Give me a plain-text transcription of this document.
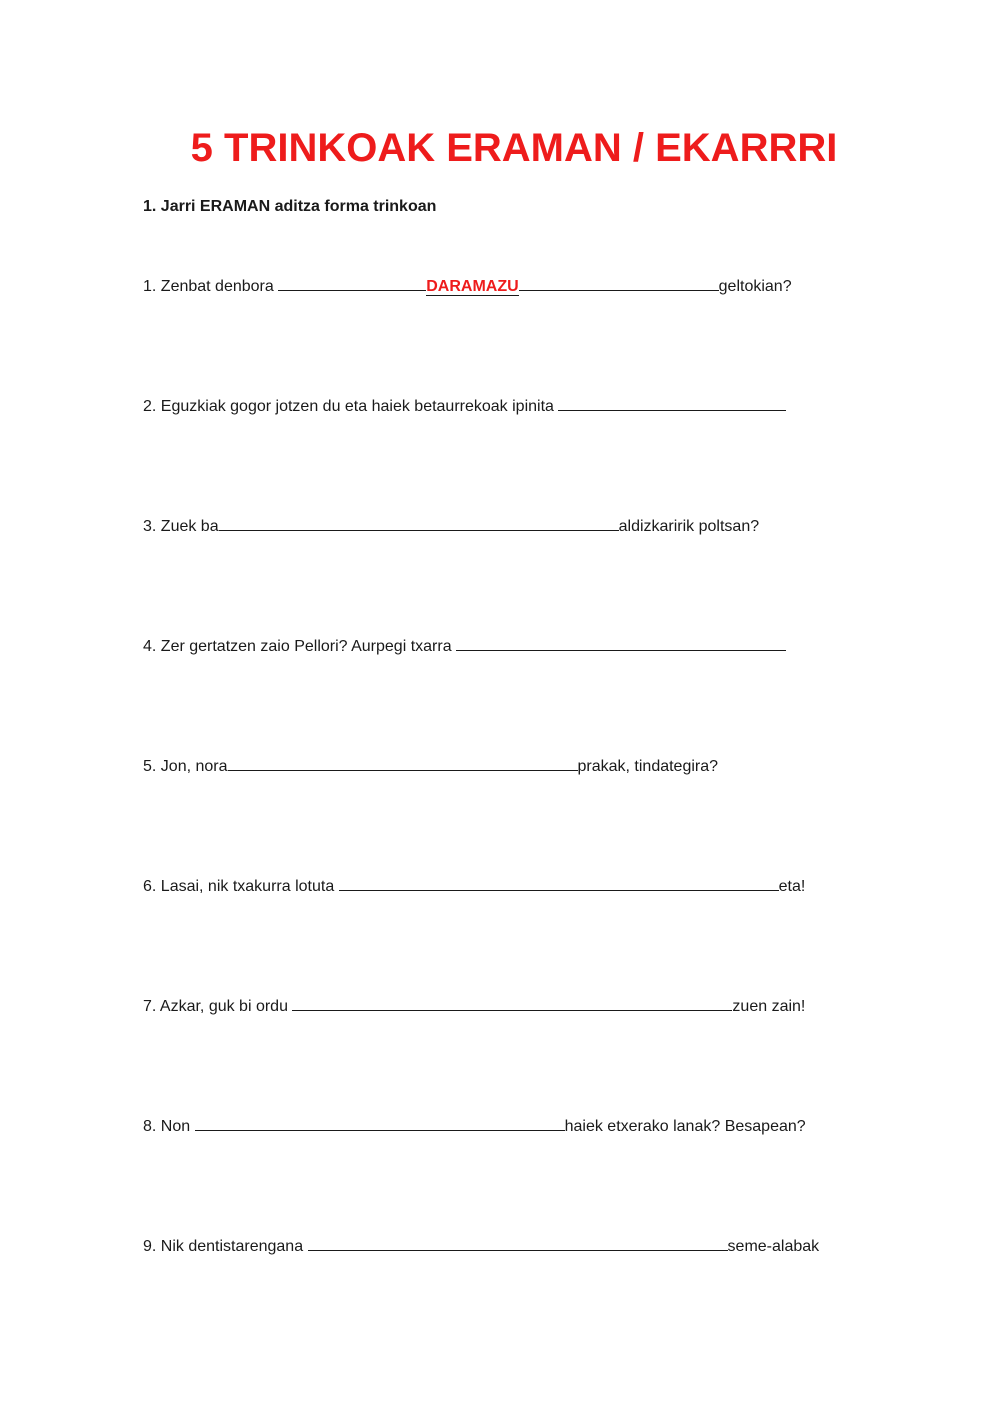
5 TRINKOAK ERAMAN / EKARRRI

1. Jarri ERAMAN aditza forma trinkoan

1. Zenbat denbora	DARAMAZU	geltokian?

2. Eguzkiak gogor jotzen du eta haiek betaurrekoak ipinita

3. Zuek ba	aldizkaririk poltsan?

4. Zer gertatzen zaio Pellori? Aurpegi txarra

5. Jon, nora	prakak, tindategira?

6. Lasai, nik txakurra lotuta	eta!

7. Azkar, guk bi ordu	zuen zain!

8. Non	haiek etxerako lanak? Besapean?

9. Nik dentistarengana	seme-alabak
